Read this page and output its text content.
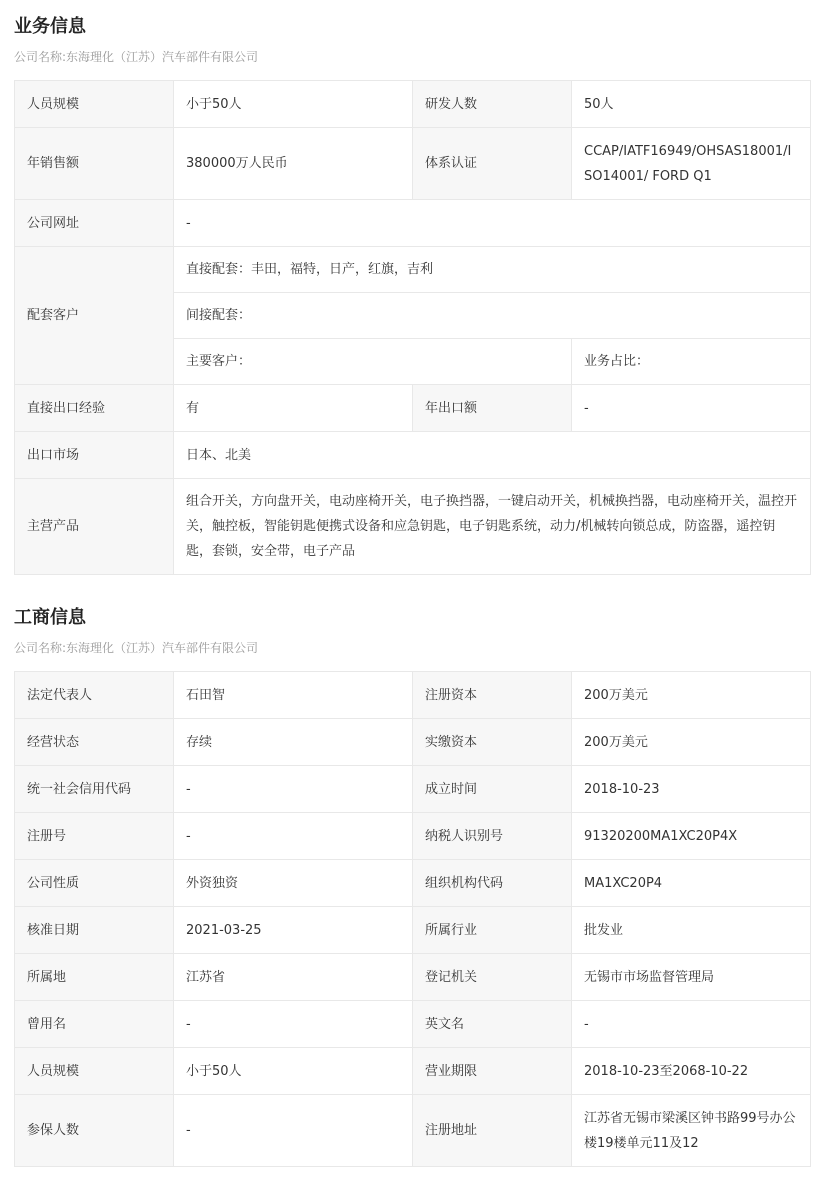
业务信息
公司名称:东海理化（江苏）汽车部件有限公司
人员规模	小于50人	研发人数	50人
年销售额	380000万人民币	体系认证	CCAP/IATF16949/OHSAS18001/ISO14001/ FORD Q1
公司网址	-		
配套客户	直接配套：丰田，福特，日产，红旗，吉利		
	间接配套：		
	主要客户：		业务占比：
直接出口经验	有	年出口额	-
出口市场	日本、北美		
主营产品	组合开关，方向盘开关，电动座椅开关，电子换挡器，一键启动开关，机械换挡器，电动座椅开关，温控开关，触控板，智能钥匙便携式设备和应急钥匙，电子钥匙系统，动力/机械转向锁总成，防盗器，遥控钥匙，套锁，安全带，电子产品		
工商信息
公司名称:东海理化（江苏）汽车部件有限公司
法定代表人	石田智	注册资本	200万美元
经营状态	存续	实缴资本	200万美元
统一社会信用代码	-	成立时间	2018-10-23
注册号	-	纳税人识别号	91320200MA1XC20P4X
公司性质	外资独资	组织机构代码	MA1XC20P4
核准日期	2021-03-25	所属行业	批发业
所属地	江苏省	登记机关	无锡市市场监督管理局
曾用名	-	英文名	-
人员规模	小于50人	营业期限	2018-10-23至2068-10-22
参保人数	-	注册地址	江苏省无锡市梁溪区钟书路99号办公楼19楼单元11及12
